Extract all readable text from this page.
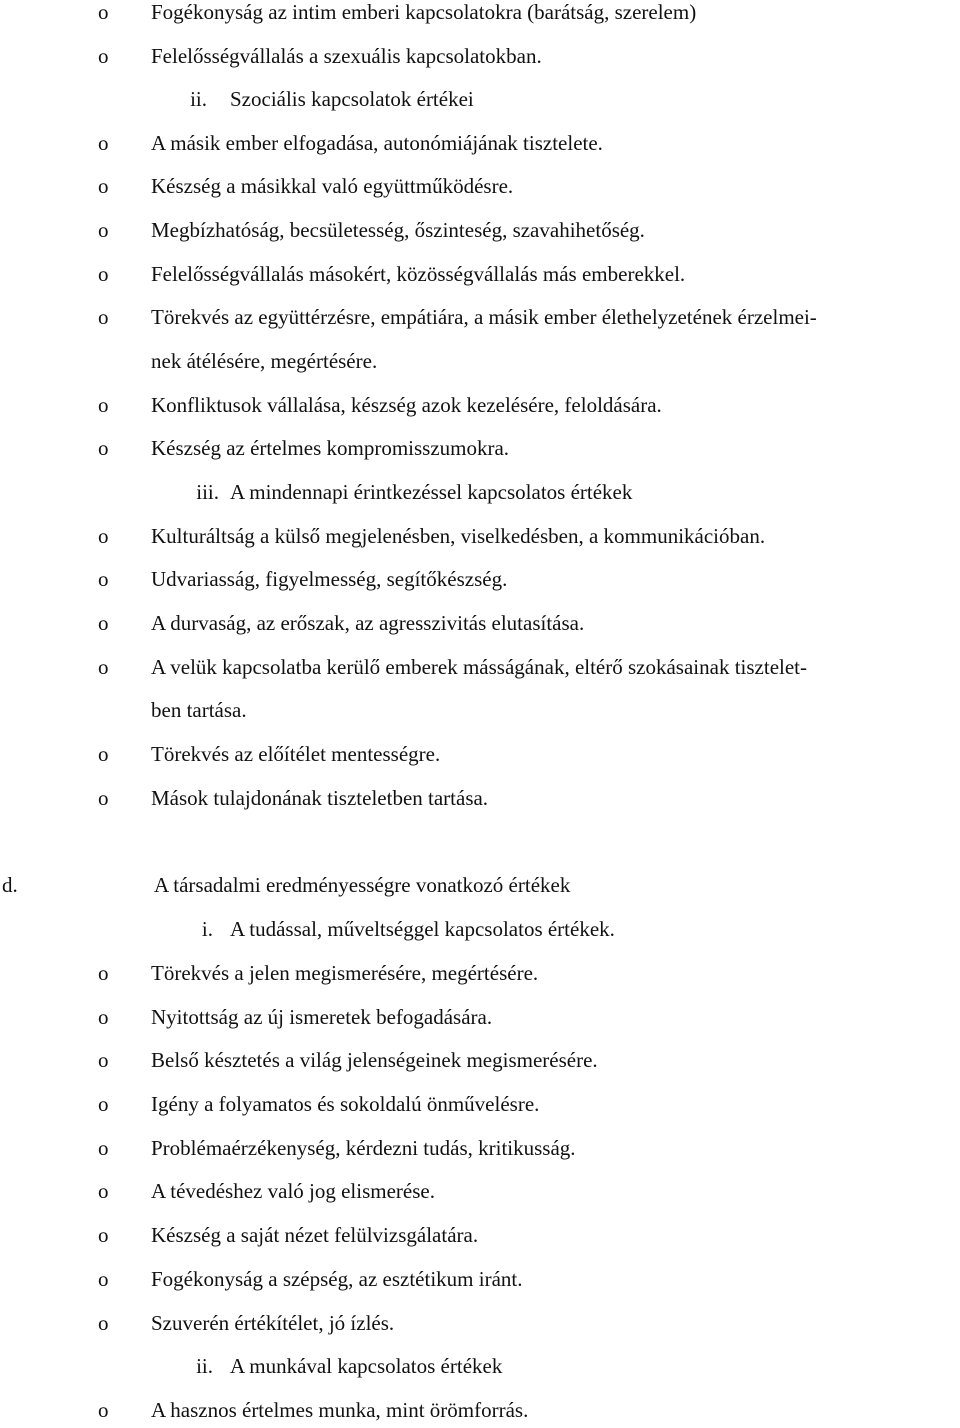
o	Fogékonyság az intim emberi kapcsolatokra (barátság, szerelem)
o	Felelősségvállalás a szexuális kapcsolatokban.
ii. Szociális kapcsolatok értékei
o	A másik ember elfogadása, autonómiájának tisztelete.
o	Készség a másikkal való együttműködésre.
o	Megbízhatóság, becsületesség, őszinteség, szavahihetőség.
o	Felelősségvállalás másokért, közösségvállalás más emberekkel.
o	Törekvés az együttérzésre, empátiára, a másik ember élethelyzetének érzelmei-
nek átélésére, megértésére.
o	Konfliktusok vállalása, készség azok kezelésére, feloldására.
o	Készség az értelmes kompromisszumokra.
iii. A mindennapi érintkezéssel kapcsolatos értékek
o	Kulturáltság a külső megjelenésben, viselkedésben, a kommunikációban.
o	Udvariasság, figyelmesség, segítőkészség.
o	A durvaság, az erőszak, az agresszivitás elutasítása.
o	A velük kapcsolatba kerülő emberek másságának, eltérő szokásainak tisztelet-
ben tartása.
o	Törekvés az előítélet mentességre.
o	Mások tulajdonának tiszteletben tartása.
d.	A társadalmi eredményességre vonatkozó értékek
i. A tudással, műveltséggel kapcsolatos értékek.
o	Törekvés a jelen megismerésére, megértésére.
o	Nyitottság az új ismeretek befogadására.
o	Belső késztetés a világ jelenségeinek megismerésére.
o	Igény a folyamatos és sokoldalú önművelésre.
o	Problémaérzékenység, kérdezni tudás, kritikusság.
o	A tévedéshez való jog elismerése.
o	Készség a saját nézet felülvizsgálatára.
o	Fogékonyság a szépség, az esztétikum iránt.
o	Szuverén értékítélet, jó ízlés.
ii. A munkával kapcsolatos értékek
o	A hasznos értelmes munka, mint örömforrás.
